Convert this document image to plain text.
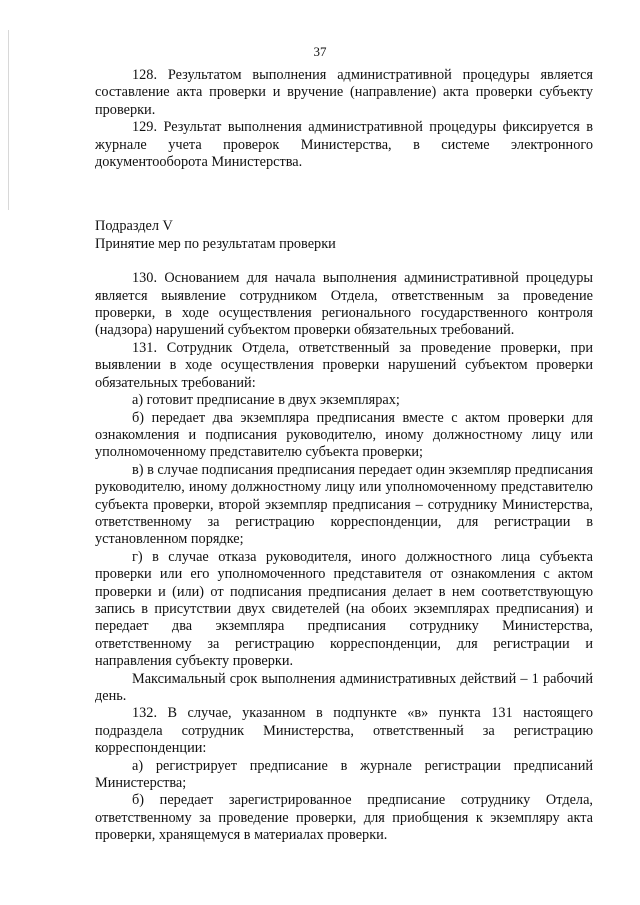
37

128. Результатом выполнения административной процедуры является составление акта проверки и вручение (направление) акта проверки субъекту проверки.

129. Результат выполнения административной процедуры фиксируется в журнале учета проверок Министерства, в системе электронного документооборота Министерства.

Подраздел V

Принятие мер по результатам проверки

130. Основанием для начала выполнения административной процедуры является выявление сотрудником Отдела, ответственным за проведение проверки, в ходе осуществления регионального государственного контроля (надзора) нарушений субъектом проверки обязательных требований.

131. Сотрудник Отдела, ответственный за проведение проверки, при выявлении в ходе осуществления проверки нарушений субъектом проверки обязательных требований:

а) готовит предписание в двух экземплярах;

б) передает два экземпляра предписания вместе с актом проверки для ознакомления и подписания руководителю, иному должностному лицу или уполномоченному представителю субъекта проверки;

в) в случае подписания предписания передает один экземпляр предписания руководителю, иному должностному лицу или уполномоченному представителю субъекта проверки, второй экземпляр предписания – сотруднику Министерства, ответственному за регистрацию корреспонденции, для регистрации в установленном порядке;

г) в случае отказа руководителя, иного должностного лица субъекта проверки или его уполномоченного представителя от ознакомления с актом проверки и (или) от подписания предписания делает в нем соответствующую запись в присутствии двух свидетелей (на обоих экземплярах предписания) и передает два экземпляра предписания сотруднику Министерства, ответственному за регистрацию корреспонденции, для регистрации и направления субъекту проверки.

Максимальный срок выполнения административных действий – 1 рабочий день.

132. В случае, указанном в подпункте «в» пункта 131 настоящего подраздела сотрудник Министерства, ответственный за регистрацию корреспонденции:

а) регистрирует предписание в журнале регистрации предписаний Министерства;

б) передает зарегистрированное предписание сотруднику Отдела, ответственному за проведение проверки, для приобщения к экземпляру акта проверки, хранящемуся в материалах проверки.
